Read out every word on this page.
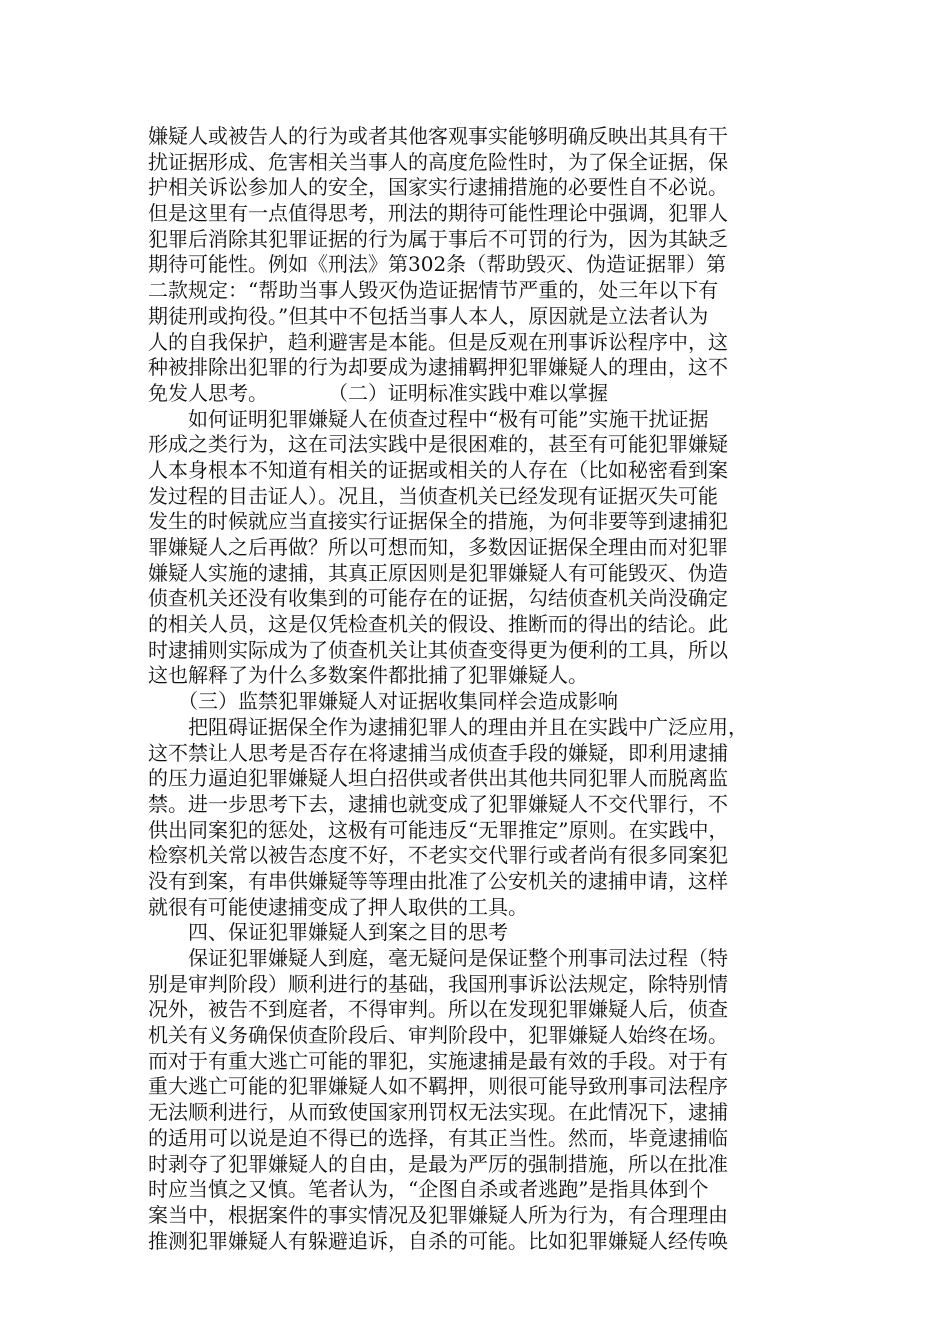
嫌疑人或被告人的行为或者其他客观事实能够明确反映出其具有干
扰证据形成、危害相关当事人的高度危险性时，为了保全证据，保
护相关诉讼参加人的安全，国家实行逮捕措施的必要性自不必说。
但是这里有一点值得思考，刑法的期待可能性理论中强调，犯罪人
犯罪后消除其犯罪证据的行为属于事后不可罚的行为，因为其缺乏
期待可能性。例如《刑法》第302条（帮助毁灭、伪造证据罪）第
二款规定：“帮助当事人毁灭伪造证据情节严重的，处三年以下有
期徒刑或拘役。”但其中不包括当事人本人，原因就是立法者认为
人的自我保护，趋利避害是本能。但是反观在刑事诉讼程序中，这
种被排除出犯罪的行为却要成为逮捕羁押犯罪嫌疑人的理由，这不
免发人思考。　　　　（二）证明标准实践中难以掌握
　　如何证明犯罪嫌疑人在侦查过程中“极有可能”实施干扰证据
形成之类行为，这在司法实践中是很困难的，甚至有可能犯罪嫌疑
人本身根本不知道有相关的证据或相关的人存在（比如秘密看到案
发过程的目击证人）。况且，当侦查机关已经发现有证据灭失可能
发生的时候就应当直接实行证据保全的措施，为何非要等到逮捕犯
罪嫌疑人之后再做？所以可想而知，多数因证据保全理由而对犯罪
嫌疑人实施的逮捕，其真正原因则是犯罪嫌疑人有可能毁灭、伪造
侦查机关还没有收集到的可能存在的证据，勾结侦查机关尚没确定
的相关人员，这是仅凭检查机关的假设、推断而的得出的结论。此
时逮捕则实际成为了侦查机关让其侦查变得更为便利的工具，所以
这也解释了为什么多数案件都批捕了犯罪嫌疑人。
　　（三）监禁犯罪嫌疑人对证据收集同样会造成影响
　　把阻碍证据保全作为逮捕犯罪人的理由并且在实践中广泛应用，
这不禁让人思考是否存在将逮捕当成侦查手段的嫌疑，即利用逮捕
的压力逼迫犯罪嫌疑人坦白招供或者供出其他共同犯罪人而脱离监
禁。进一步思考下去，逮捕也就变成了犯罪嫌疑人不交代罪行，不
供出同案犯的惩处，这极有可能违反“无罪推定”原则。在实践中，
检察机关常以被告态度不好，不老实交代罪行或者尚有很多同案犯
没有到案，有串供嫌疑等等理由批准了公安机关的逮捕申请，这样
就很有可能使逮捕变成了押人取供的工具。
　　四、保证犯罪嫌疑人到案之目的思考
　　保证犯罪嫌疑人到庭，毫无疑问是保证整个刑事司法过程（特
别是审判阶段）顺利进行的基础，我国刑事诉讼法规定，除特别情
况外，被告不到庭者，不得审判。所以在发现犯罪嫌疑人后，侦查
机关有义务确保侦查阶段后、审判阶段中，犯罪嫌疑人始终在场。
而对于有重大逃亡可能的罪犯，实施逮捕是最有效的手段。对于有
重大逃亡可能的犯罪嫌疑人如不羁押，则很可能导致刑事司法程序
无法顺利进行，从而致使国家刑罚权无法实现。在此情况下，逮捕
的适用可以说是迫不得已的选择，有其正当性。然而，毕竟逮捕临
时剥夺了犯罪嫌疑人的自由，是最为严厉的强制措施，所以在批准
时应当慎之又慎。笔者认为，“企图自杀或者逃跑”是指具体到个
案当中，根据案件的事实情况及犯罪嫌疑人所为行为，有合理理由
推测犯罪嫌疑人有躲避追诉，自杀的可能。比如犯罪嫌疑人经传唤
